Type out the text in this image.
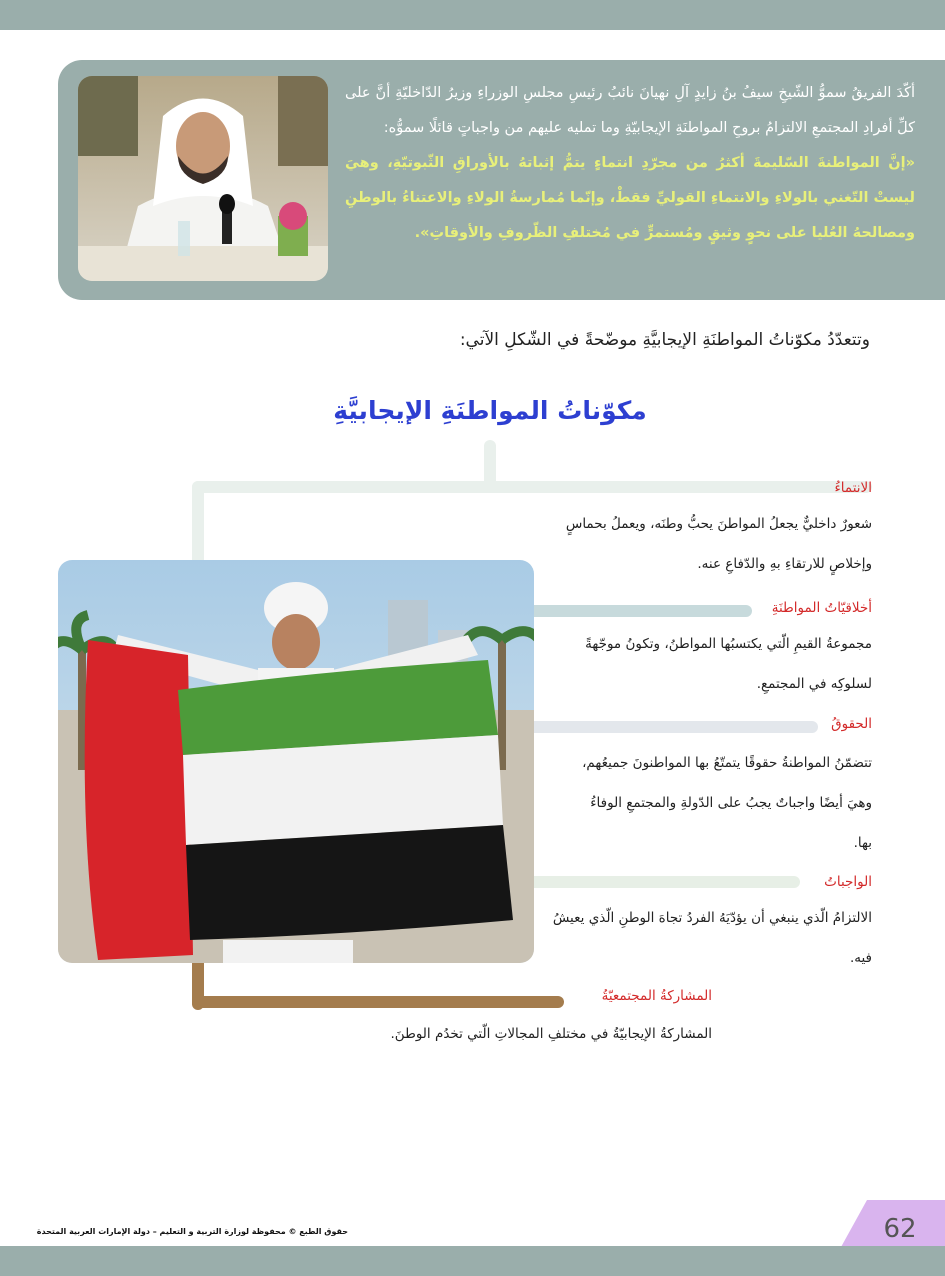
أكّدَ الفريقُ سموُّ الشّيخِ سيفُ بنُ زايدٍ آلِ نهيانَ نائبُ رئيسِ مجلسِ الوزراءِ وزيرُ الدّاخليّةِ أنَّ على كلِّ أفرادِ المجتمعِ الالتزامُ بروحِ المواطنَةِ الإيجابيّةِ وما تمليه عليهم من واجباتٍ قائلًا سموُّه:
«إنَّ المواطنةَ السّليمةَ أكثرُ من مجرّدِ انتماءٍ يتمُّ إثباتهُ بالأوراقِ الثّبوتيّةِ، وهيَ ليستْ التّغني بالولاءِ والانتماءِ القوليِّ فقطْ، وإنّما مُمارسةُ الولاءِ والاعتناءُ بالوطنِ ومصالحهُ العُليا على نحوٍ وثيقٍ ومُستمرٍّ في مُختلفِ الظّروفِ والأوقاتِ».
وتتعدّدُ مكوّناتُ المواطنَةِ الإيجابيَّةِ موضّحةً في الشّكلِ الآتي:
مكوّناتُ المواطنَةِ الإيجابيَّةِ
الانتماءُ
شعورٌ داخليٌّ يجعلُ المواطنَ يحبُّ وطنَه، ويعملُ بحماسٍ وإخلاصٍ للارتقاءِ بهِ والدّفاعِ عنه.
أخلاقيّاتُ المواطنَةِ
مجموعةُ القيمِ الّتي يكتسبُها المواطنُ، وتكونُ موجّهةً لسلوكِه في المجتمعِ.
الحقوقُ
تتضمّنُ المواطنةُ حقوقًا يتمتّعُ بها المواطنونَ جميعُهم، وهيَ أيضًا واجباتٌ يجبُ على الدّولةِ والمجتمعِ الوفاءُ بها.
الواجباتُ
الالتزامُ الّذي ينبغي أن يؤدّيَهُ الفردُ تجاهَ الوطنِ الّذي يعيشُ فيه.
المشاركةُ المجتمعيّةُ
المشاركةُ الإيجابيّةُ في مختلفِ المجالاتِ الّتي تخدُم الوطنَ.
حقوق الطبع © محفوظة لوزارة التربية و التعليم – دولة الإمارات العربية المتحدة	62
